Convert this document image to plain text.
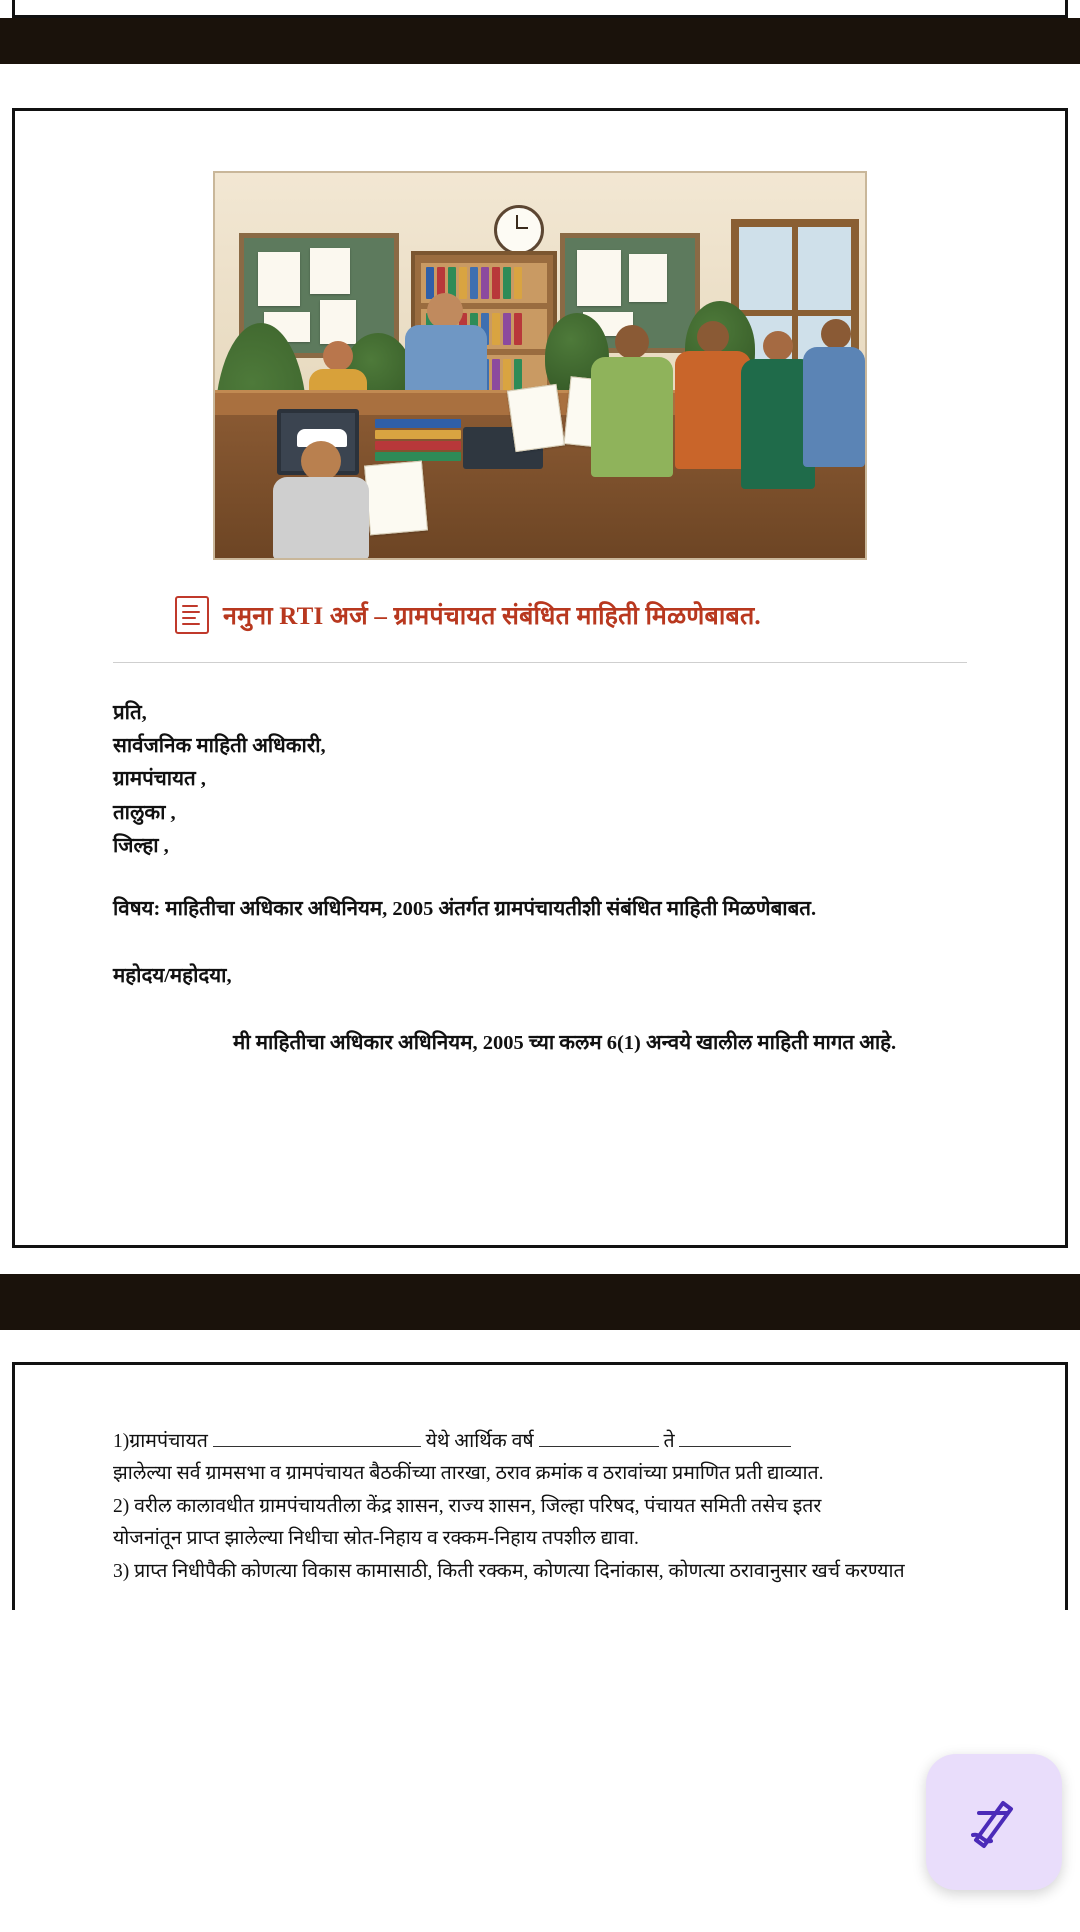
नमुना RTI अर्ज – ग्रामपंचायत संबंधित माहिती मिळणेबाबत.

प्रति,

सार्वजनिक माहिती अधिकारी,

ग्रामपंचायत ,

तालुका ,

जिल्हा ,

विषय: माहितीचा अधिकार अधिनियम, 2005 अंतर्गत ग्रामपंचायतीशी संबंधित माहिती मिळणेबाबत.

महोदय/महोदया,

मी माहितीचा अधिकार अधिनियम, 2005 च्या कलम 6(1) अन्वये खालील माहिती मागत आहे.

1)ग्रामपंचायत	येथे आर्थिक वर्ष	ते

झालेल्या सर्व ग्रामसभा व ग्रामपंचायत बैठकींच्या तारखा, ठराव क्रमांक व ठरावांच्या प्रमाणित प्रती द्याव्यात.

2) वरील कालावधीत ग्रामपंचायतीला केंद्र शासन, राज्य शासन, जिल्हा परिषद, पंचायत समिती तसेच इतर

योजनांतून प्राप्त झालेल्या निधीचा स्रोत-निहाय व रक्कम-निहाय तपशील द्यावा.

3) प्राप्त निधीपैकी कोणत्या विकास कामासाठी, किती रक्कम, कोणत्या दिनांकास, कोणत्या ठरावानुसार खर्च करण्यात
